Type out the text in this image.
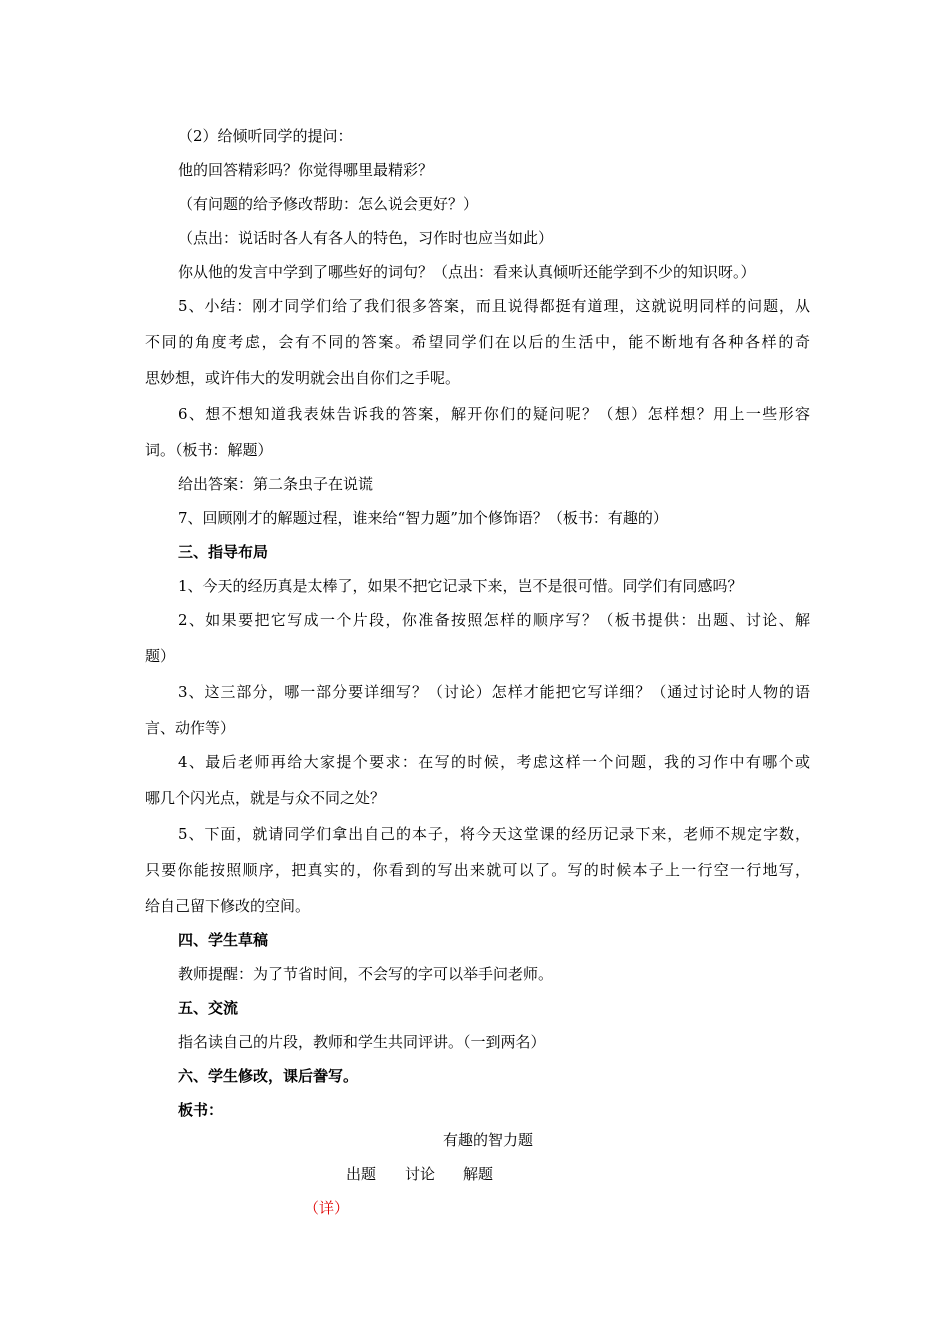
（2）给倾听同学的提问：
他的回答精彩吗？你觉得哪里最精彩？
（有问题的给予修改帮助：怎么说会更好？）
（点出：说话时各人有各人的特色，习作时也应当如此）
你从他的发言中学到了哪些好的词句？（点出：看来认真倾听还能学到不少的知识呀。）
5、小结：刚才同学们给了我们很多答案，而且说得都挺有道理，这就说明同样的问题，从
不同的角度考虑，会有不同的答案。希望同学们在以后的生活中，能不断地有各种各样的奇
思妙想，或许伟大的发明就会出自你们之手呢。
6、想不想知道我表妹告诉我的答案，解开你们的疑问呢？（想）怎样想？用上一些形容
词。（板书：解题）
给出答案：第二条虫子在说谎
7、回顾刚才的解题过程，谁来给“智力题”加个修饰语？（板书：有趣的）
三、指导布局
1、今天的经历真是太棒了，如果不把它记录下来，岂不是很可惜。同学们有同感吗？
2、如果要把它写成一个片段，你准备按照怎样的顺序写？（板书提供：出题、讨论、解
题）
3、这三部分，哪一部分要详细写？（讨论）怎样才能把它写详细？（通过讨论时人物的语
言、动作等）
4、最后老师再给大家提个要求：在写的时候，考虑这样一个问题，我的习作中有哪个或
哪几个闪光点，就是与众不同之处？
5、下面，就请同学们拿出自己的本子，将今天这堂课的经历记录下来，老师不规定字数，
只要你能按照顺序，把真实的，你看到的写出来就可以了。写的时候本子上一行空一行地写，
给自己留下修改的空间。
四、学生草稿
教师提醒：为了节省时间，不会写的字可以举手问老师。
五、交流
指名读自己的片段，教师和学生共同评讲。（一到两名）
六、学生修改，课后誊写。
板书：
有趣的智力题
出题 讨论 解题
（详）
